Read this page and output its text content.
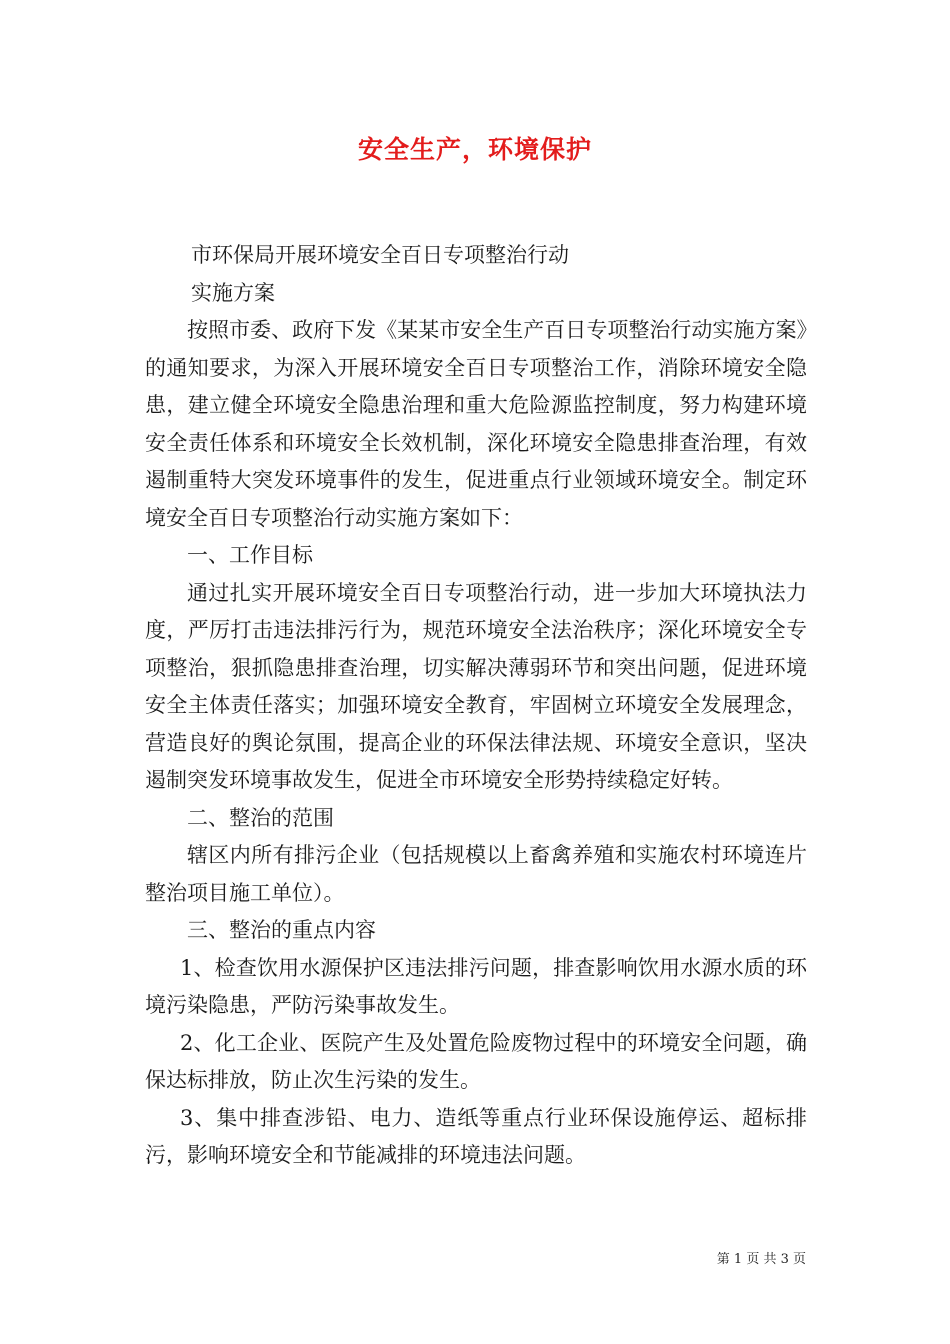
安全生产，环境保护

市环保局开展环境安全百日专项整治行动

实施方案

按照市委、政府下发《某某市安全生产百日专项整治行动实施方案》的通知要求，为深入开展环境安全百日专项整治工作，消除环境安全隐患，建立健全环境安全隐患治理和重大危险源监控制度，努力构建环境安全责任体系和环境安全长效机制，深化环境安全隐患排查治理，有效遏制重特大突发环境事件的发生，促进重点行业领域环境安全。制定环境安全百日专项整治行动实施方案如下：

一、工作目标

通过扎实开展环境安全百日专项整治行动，进一步加大环境执法力度，严厉打击违法排污行为，规范环境安全法治秩序；深化环境安全专项整治，狠抓隐患排查治理，切实解决薄弱环节和突出问题，促进环境安全主体责任落实；加强环境安全教育，牢固树立环境安全发展理念，营造良好的舆论氛围，提高企业的环保法律法规、环境安全意识，坚决遏制突发环境事故发生，促进全市环境安全形势持续稳定好转。

二、整治的范围

辖区内所有排污企业（包括规模以上畜禽养殖和实施农村环境连片整治项目施工单位）。

三、整治的重点内容

1、检查饮用水源保护区违法排污问题，排查影响饮用水源水质的环境污染隐患，严防污染事故发生。

2、化工企业、医院产生及处置危险废物过程中的环境安全问题，确保达标排放，防止次生污染的发生。

3、集中排查涉铅、电力、造纸等重点行业环保设施停运、超标排污，影响环境安全和节能减排的环境违法问题。

第 1 页 共 3 页
